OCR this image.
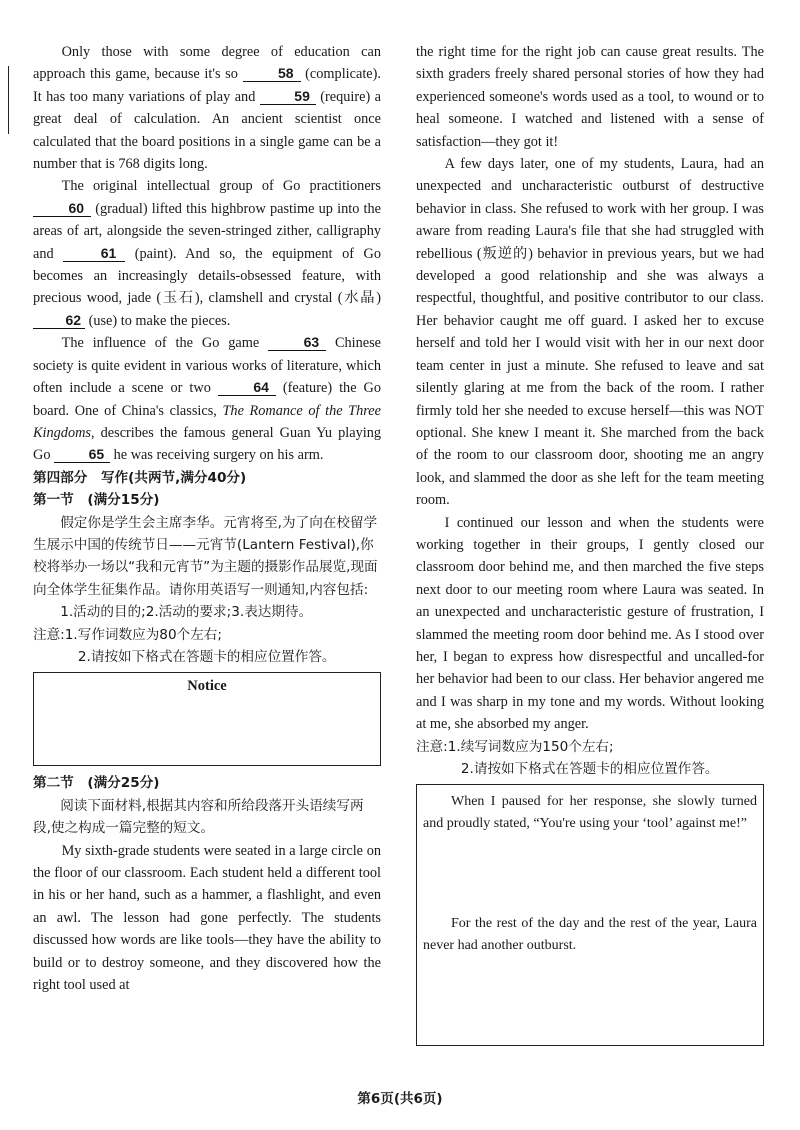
Only those with some degree of education can approach this game, because it's so	58 (complicate). It has too many variations of play and 59 (require) a great deal of calculation. An ancient scientist once calculated that the board positions in a single game can be a number that is 768 digits long.

The original intellectual group of Go practitioners 60 (gradual) lifted this highbrow pastime up into the areas of art, alongside the seven-stringed zither, calligraphy and	61 (paint). And so, the equipment of Go becomes an increasingly details-obsessed feature, with precious wood, jade (玉石), clamshell and crystal (水晶) 62 (use) to make the pieces.

The influence of the Go game	63 Chinese society is quite evident in various works of literature, which often include a scene or two	64 (feature) the Go board. One of China's classics, The Romance of the Three Kingdoms, describes the famous general Guan Yu playing Go 65 he was receiving surgery on his arm.

第四部分　写作(共两节,满分40分)

第一节　(满分15分)

假定你是学生会主席李华。元宵将至,为了向在校留学生展示中国的传统节日——元宵节(Lantern Festival),你校将举办一场以“我和元宵节”为主题的摄影作品展览,现面向全体学生征集作品。请你用英语写一则通知,内容包括:

1.活动的目的;2.活动的要求;3.表达期待。

注意:1.写作词数应为80个左右;

2.请按如下格式在答题卡的相应位置作答。

Notice

第二节　(满分25分)

阅读下面材料,根据其内容和所给段落开头语续写两段,使之构成一篇完整的短文。

My sixth-grade students were seated in a large circle on the floor of our classroom. Each student held a different tool in his or her hand, such as a hammer, a flashlight, and even an awl. The lesson had gone perfectly. The students discussed how words are like tools—they have the ability to build or to destroy someone, and they discovered how the right tool used at

the right time for the right job can cause great results. The sixth graders freely shared personal stories of how they had experienced someone's words used as a tool, to wound or to heal someone. I watched and listened with a sense of satisfaction—they got it!

A few days later, one of my students, Laura, had an unexpected and uncharacteristic outburst of destructive behavior in class. She refused to work with her group. I was aware from reading Laura's file that she had struggled with rebellious (叛逆的) behavior in previous years, but we had developed a good relationship and she was always a respectful, thoughtful, and positive contributor to our class. Her behavior caught me off guard. I asked her to excuse herself and told her I would visit with her in our next door team center in just a minute. She refused to leave and sat silently glaring at me from the back of the room. I rather firmly told her she needed to excuse herself—this was NOT optional. She knew I meant it. She marched from the back of the room to our classroom door, shooting me an angry look, and slammed the door as she left for the team meeting room.

I continued our lesson and when the students were working together in their groups, I gently closed our classroom door behind me, and then marched the five steps next door to our meeting room where Laura was seated. In an unexpected and uncharacteristic gesture of frustration, I slammed the meeting room door behind me. As I stood over her, I began to express how disrespectful and uncalled-for her behavior had been to our class. Her behavior angered me and I was sharp in my tone and my words. Without looking at me, she absorbed my anger.

注意:1.续写词数应为150个左右;

2.请按如下格式在答题卡的相应位置作答。

When I paused for her response, she slowly turned and proudly stated, “You're using your ‘tool’ against me!”

For the rest of the day and the rest of the year, Laura never had another outburst.

第6页(共6页)
